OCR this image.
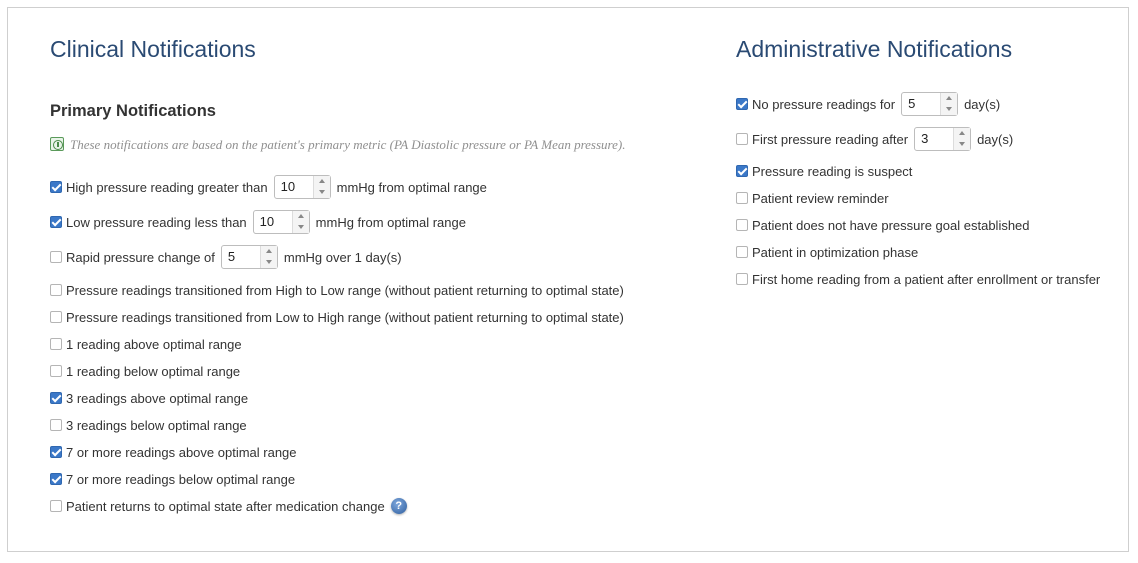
Clinical Notifications
Primary Notifications
These notifications are based on the patient's primary metric (PA Diastolic pressure or PA Mean pressure).
High pressure reading greater than	10	mmHg from optimal range
Low pressure reading less than	10	mmHg from optimal range
Rapid pressure change of	5	mmHg over 1 day(s)
Pressure readings transitioned from High to Low range (without patient returning to optimal state)
Pressure readings transitioned from Low to High range (without patient returning to optimal state)
1 reading above optimal range
1 reading below optimal range
3 readings above optimal range
3 readings below optimal range
7 or more readings above optimal range
7 or more readings below optimal range
Patient returns to optimal state after medication change ?
Administrative Notifications
No pressure readings for	5	day(s)
First pressure reading after	3	day(s)
Pressure reading is suspect
Patient review reminder
Patient does not have pressure goal established
Patient in optimization phase
First home reading from a patient after enrollment or transfer
